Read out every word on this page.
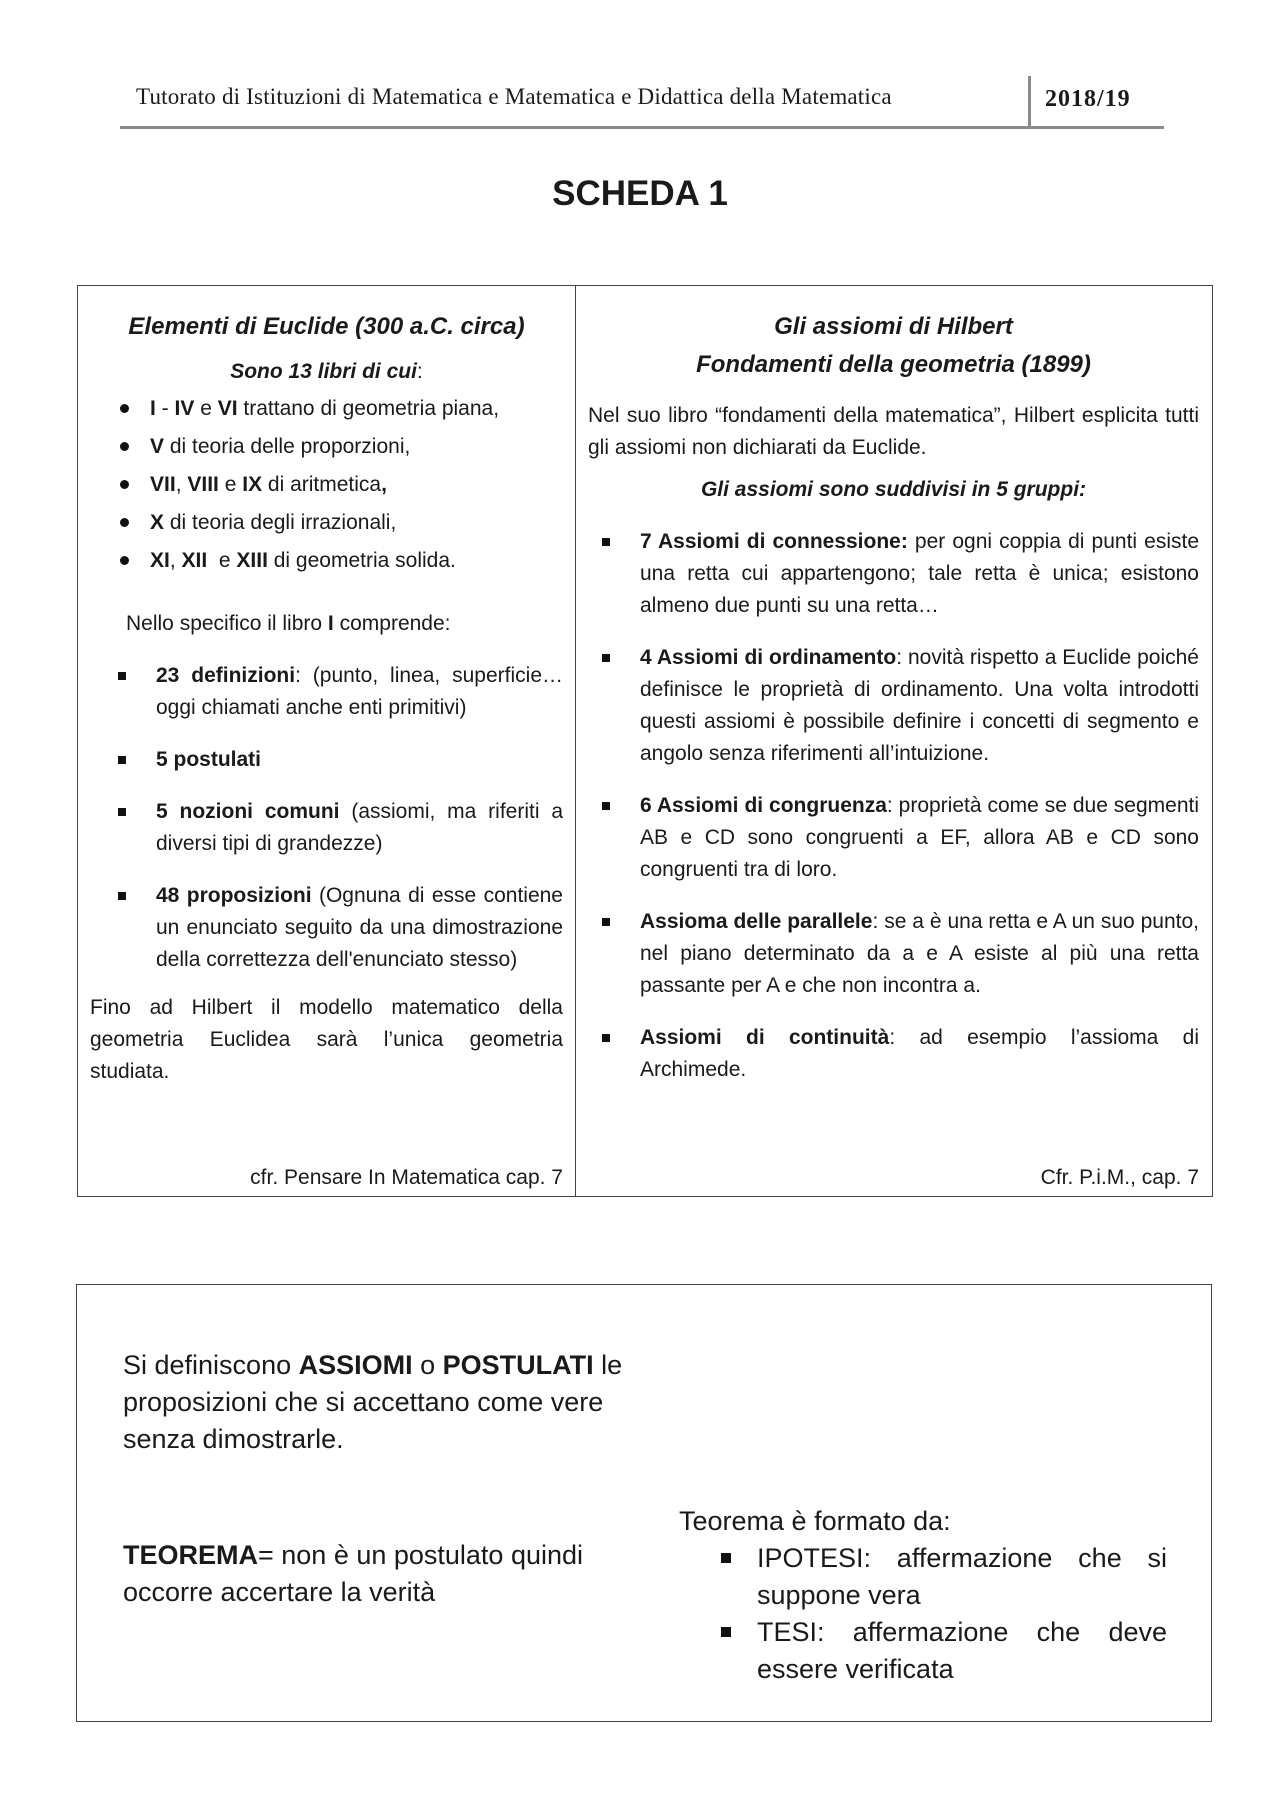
Tutorato di Istituzioni di Matematica e Matematica e Didattica della Matematica	2018/19
SCHEDA 1
Elementi di Euclide (300 a.C. circa)
Sono 13 libri di cui:
I - IV e VI trattano di geometria piana,
V di teoria delle proporzioni,
VII, VIII e IX di aritmetica,
X di teoria degli irrazionali,
XI, XII  e XIII di geometria solida.

Nello specifico il libro I comprende:

23 definizioni: (punto, linea, superficie… oggi chiamati anche enti primitivi)
5 postulati
5 nozioni comuni (assiomi, ma riferiti a diversi tipi di grandezze)
48 proposizioni (Ognuna di esse contiene un enunciato seguito da una dimostrazione della correttezza dell'enunciato stesso)

Fino ad Hilbert il modello matematico della geometria Euclidea sarà l’unica geometria studiata.

cfr. Pensare In Matematica cap. 7
Gli assiomi di Hilbert
Fondamenti della geometria (1899)

Nel suo libro “fondamenti della matematica”, Hilbert esplicita tutti gli assiomi non dichiarati da Euclide.

Gli assiomi sono suddivisi in 5 gruppi:
7 Assiomi di connessione: per ogni coppia di punti esiste una retta cui appartengono; tale retta è unica; esistono almeno due punti su una retta…
4 Assiomi di ordinamento: novità rispetto a Euclide poiché definisce le proprietà di ordinamento. Una volta introdotti questi assiomi è possibile definire i concetti di segmento e angolo senza riferimenti all’intuizione.
6 Assiomi di congruenza: proprietà come se due segmenti AB e CD sono congruenti a EF, allora AB e CD sono congruenti tra di loro.
Assioma delle parallele: se a è una retta e A un suo punto, nel piano determinato da a e A esiste al più una retta passante per A e che non incontra a.
Assiomi di continuità: ad esempio l’assioma di Archimede.
Cfr. P.i.M., cap. 7

Si definiscono ASSIOMI o POSTULATI le proposizioni che si accettano come vere senza dimostrarle.

TEOREMA= non è un postulato quindi occorre accertare la verità

Teorema è formato da:

IPOTESI: affermazione che si suppone vera
TESI: affermazione che deve essere verificata
